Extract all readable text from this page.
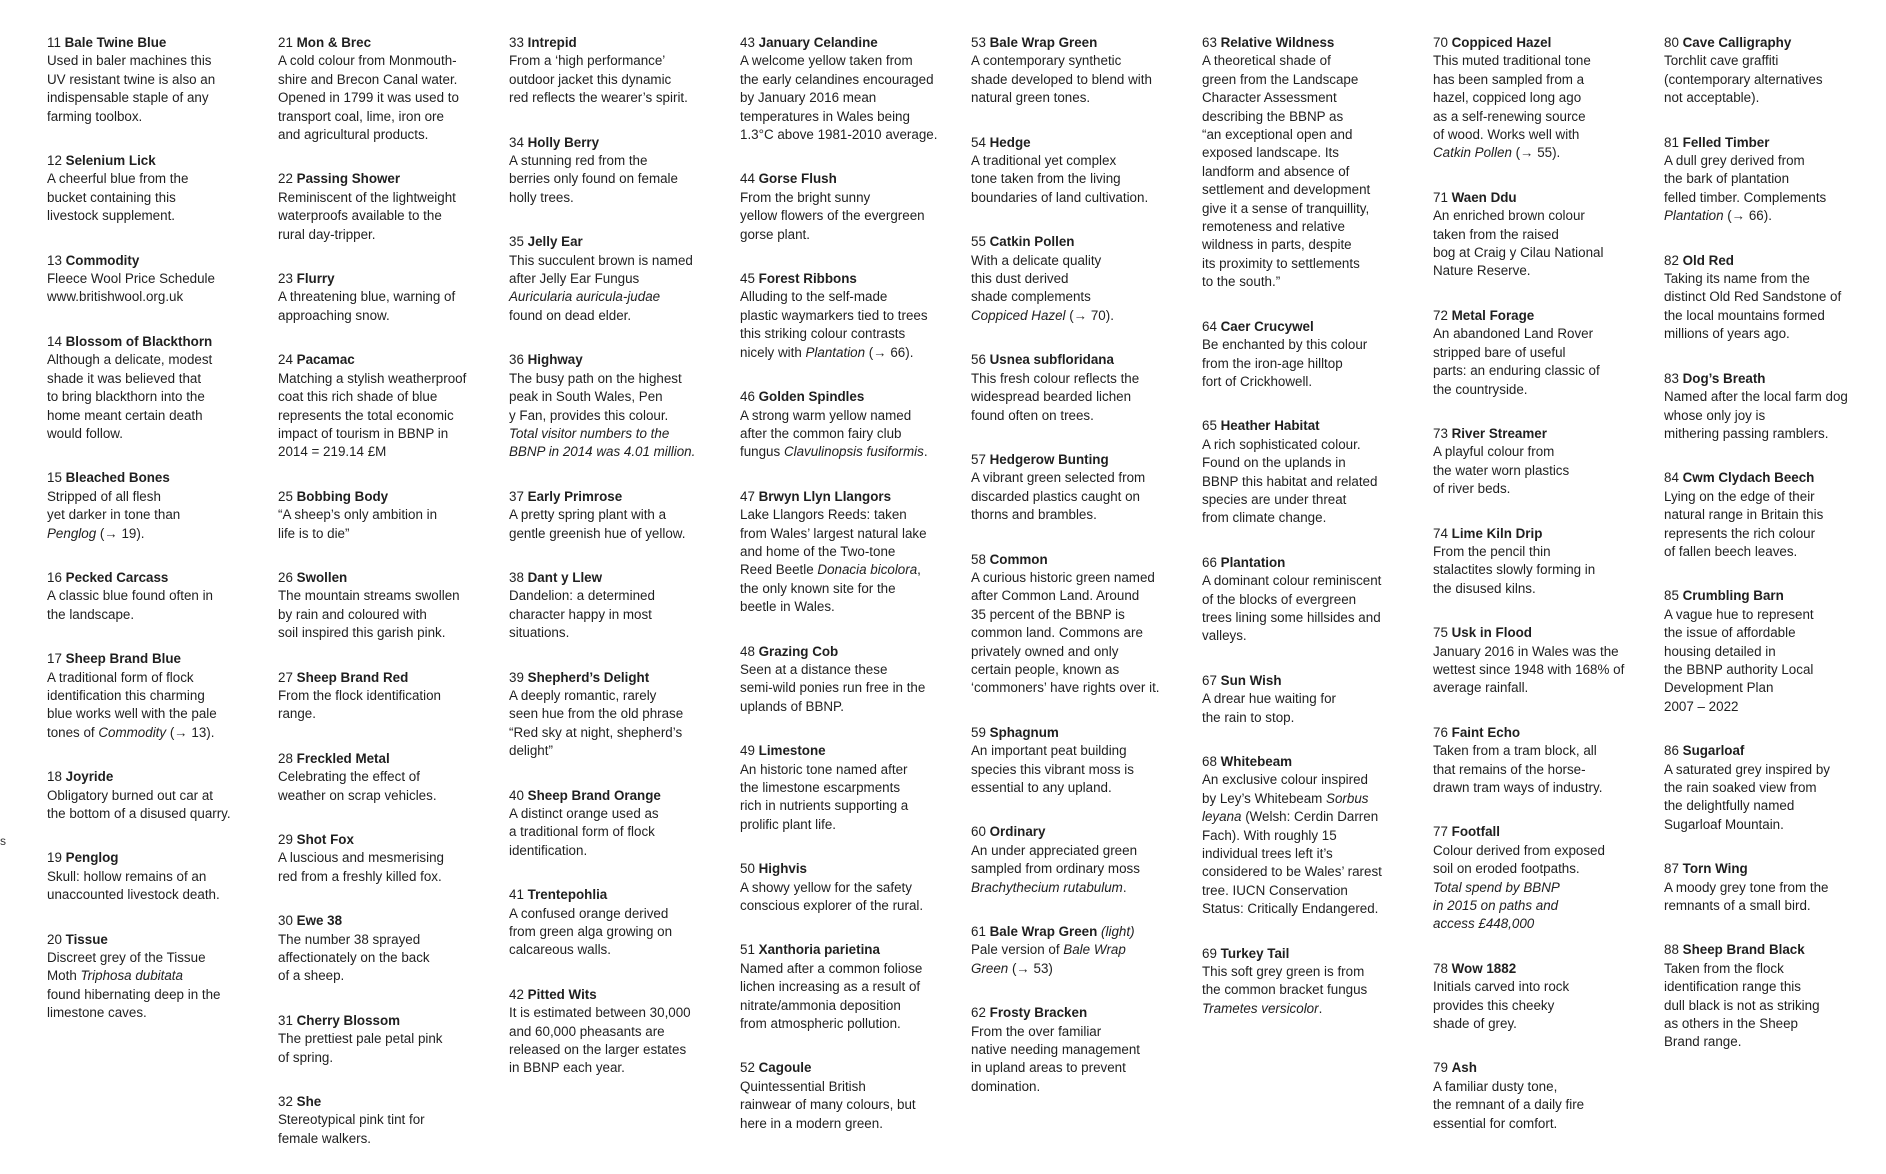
11 Bale Twine Blue
Used in baler machines this
UV resistant twine is also an
indispensable staple of any
farming toolbox.
12 Selenium Lick
A cheerful blue from the
bucket containing this
livestock supplement.
13 Commodity
Fleece Wool Price Schedule
www.britishwool.org.uk
14 Blossom of Blackthorn
Although a delicate, modest
shade it was believed that
to bring blackthorn into the
home meant certain death
would follow.
15 Bleached Bones
Stripped of all flesh
yet darker in tone than
Penglog (→ 19).
16 Pecked Carcass
A classic blue found often in
the landscape.
17 Sheep Brand Blue
A traditional form of flock
identification this charming
blue works well with the pale
tones of Commodity (→ 13).
18 Joyride
Obligatory burned out car at
the bottom of a disused quarry.
19 Penglog
Skull: hollow remains of an
unaccounted livestock death.
20 Tissue
Discreet grey of the Tissue
Moth Triphosa dubitata
found hibernating deep in the
limestone caves.
21 Mon & Brec
A cold colour from Monmouth-
shire and Brecon Canal water.
Opened in 1799 it was used to
transport coal, lime, iron ore
and agricultural products.
22 Passing Shower
Reminiscent of the lightweight
waterproofs available to the
rural day-tripper.
23 Flurry
A threatening blue, warning of
approaching snow.
24 Pacamac
Matching a stylish weatherproof
coat this rich shade of blue
represents the total economic
impact of tourism in BBNP in
2014 = 219.14 £M
25 Bobbing Body
“A sheep’s only ambition in
life is to die”
26 Swollen
The mountain streams swollen
by rain and coloured with
soil inspired this garish pink.
27 Sheep Brand Red
From the flock identification
range.
28 Freckled Metal
Celebrating the effect of
weather on scrap vehicles.
29 Shot Fox
A luscious and mesmerising
red from a freshly killed fox.
30 Ewe 38
The number 38 sprayed
affectionately on the back
of a sheep.
31 Cherry Blossom
The prettiest pale petal pink
of spring.
32 She
Stereotypical pink tint for
female walkers.
33 Intrepid
From a ‘high performance’
outdoor jacket this dynamic
red reflects the wearer’s spirit.
34 Holly Berry
A stunning red from the
berries only found on female
holly trees.
35 Jelly Ear
This succulent brown is named
after Jelly Ear Fungus
Auricularia auricula-judae
found on dead elder.
36 Highway
The busy path on the highest
peak in South Wales, Pen
y Fan, provides this colour.
Total visitor numbers to the
BBNP in 2014 was 4.01 million.
37 Early Primrose
A pretty spring plant with a
gentle greenish hue of yellow.
38 Dant y Llew
Dandelion: a determined
character happy in most
situations.
39 Shepherd’s Delight
A deeply romantic, rarely
seen hue from the old phrase
“Red sky at night, shepherd’s
delight”
40 Sheep Brand Orange
A distinct orange used as
a traditional form of flock
identification.
41 Trentepohlia
A confused orange derived
from green alga growing on
calcareous walls.
42 Pitted Wits
It is estimated between 30,000
and 60,000 pheasants are
released on the larger estates
in BBNP each year.
43 January Celandine
A welcome yellow taken from
the early celandines encouraged
by January 2016 mean
temperatures in Wales being
1.3°C above 1981-2010 average.
44 Gorse Flush
From the bright sunny
yellow flowers of the evergreen
gorse plant.
45 Forest Ribbons
Alluding to the self-made
plastic waymarkers tied to trees
this striking colour contrasts
nicely with Plantation (→ 66).
46 Golden Spindles
A strong warm yellow named
after the common fairy club
fungus Clavulinopsis fusiformis.
47 Brwyn Llyn Llangors
Lake Llangors Reeds: taken
from Wales’ largest natural lake
and home of the Two-tone
Reed Beetle Donacia bicolora,
the only known site for the
beetle in Wales.
48 Grazing Cob
Seen at a distance these
semi-wild ponies run free in the
uplands of BBNP.
49 Limestone
An historic tone named after
the limestone escarpments
rich in nutrients supporting a
prolific plant life.
50 Highvis
A showy yellow for the safety
conscious explorer of the rural.
51 Xanthoria parietina
Named after a common foliose
lichen increasing as a result of
nitrate/ammonia deposition
from atmospheric pollution.
52 Cagoule
Quintessential British
rainwear of many colours, but
here in a modern green.
53 Bale Wrap Green
A contemporary synthetic
shade developed to blend with
natural green tones.
54 Hedge
A traditional yet complex
tone taken from the living
boundaries of land cultivation.
55 Catkin Pollen
With a delicate quality
this dust derived
shade complements
Coppiced Hazel (→ 70).
56 Usnea subfloridana
This fresh colour reflects the
widespread bearded lichen
found often on trees.
57 Hedgerow Bunting
A vibrant green selected from
discarded plastics caught on
thorns and brambles.
58 Common
A curious historic green named
after Common Land. Around
35 percent of the BBNP is
common land. Commons are
privately owned and only
certain people, known as
‘commoners’ have rights over it.
59 Sphagnum
An important peat building
species this vibrant moss is
essential to any upland.
60 Ordinary
An under appreciated green
sampled from ordinary moss
Brachythecium rutabulum.
61 Bale Wrap Green (light)
Pale version of Bale Wrap
Green (→ 53)
62 Frosty Bracken
From the over familiar
native needing management
in upland areas to prevent
domination.
63 Relative Wildness
A theoretical shade of
green from the Landscape
Character Assessment
describing the BBNP as
“an exceptional open and
exposed landscape. Its
landform and absence of
settlement and development
give it a sense of tranquillity,
remoteness and relative
wildness in parts, despite
its proximity to settlements
to the south.”
64 Caer Crucywel
Be enchanted by this colour
from the iron-age hilltop
fort of Crickhowell.
65 Heather Habitat
A rich sophisticated colour.
Found on the uplands in
BBNP this habitat and related
species are under threat
from climate change.
66 Plantation
A dominant colour reminiscent
of the blocks of evergreen
trees lining some hillsides and
valleys.
67 Sun Wish
A drear hue waiting for
the rain to stop.
68 Whitebeam
An exclusive colour inspired
by Ley’s Whitebeam Sorbus
leyana (Welsh: Cerdin Darren
Fach). With roughly 15
individual trees left it’s
considered to be Wales’ rarest
tree. IUCN Conservation
Status: Critically Endangered.
69 Turkey Tail
This soft grey green is from
the common bracket fungus
Trametes versicolor.
70 Coppiced Hazel
This muted traditional tone
has been sampled from a
hazel, coppiced long ago
as a self-renewing source
of wood. Works well with
Catkin Pollen (→ 55).
71 Waen Ddu
An enriched brown colour
taken from the raised
bog at Craig y Cilau National
Nature Reserve.
72 Metal Forage
An abandoned Land Rover
stripped bare of useful
parts: an enduring classic of
the countryside.
73 River Streamer
A playful colour from
the water worn plastics
of river beds.
74 Lime Kiln Drip
From the pencil thin
stalactites slowly forming in
the disused kilns.
75 Usk in Flood
January 2016 in Wales was the
wettest since 1948 with 168% of
average rainfall.
76 Faint Echo
Taken from a tram block, all
that remains of the horse-
drawn tram ways of industry.
77 Footfall
Colour derived from exposed
soil on eroded footpaths.
Total spend by BBNP
in 2015 on paths and
access £448,000
78 Wow 1882
Initials carved into rock
provides this cheeky
shade of grey.
79 Ash
A familiar dusty tone,
the remnant of a daily fire
essential for comfort.
80 Cave Calligraphy
Torchlit cave graffiti
(contemporary alternatives
not acceptable).
81 Felled Timber
A dull grey derived from
the bark of plantation
felled timber. Complements
Plantation (→ 66).
82 Old Red
Taking its name from the
distinct Old Red Sandstone of
the local mountains formed
millions of years ago.
83 Dog’s Breath
Named after the local farm dog
whose only joy is
mithering passing ramblers.
84 Cwm Clydach Beech
Lying on the edge of their
natural range in Britain this
represents the rich colour
of fallen beech leaves.
85 Crumbling Barn
A vague hue to represent
the issue of affordable
housing detailed in
the BBNP authority Local
Development Plan
2007 – 2022
86 Sugarloaf
A saturated grey inspired by
the rain soaked view from
the delightfully named
Sugarloaf Mountain.
87 Torn Wing
A moody grey tone from the
remnants of a small bird.
88 Sheep Brand Black
Taken from the flock
identification range this
dull black is not as striking
as others in the Sheep
Brand range.
s
